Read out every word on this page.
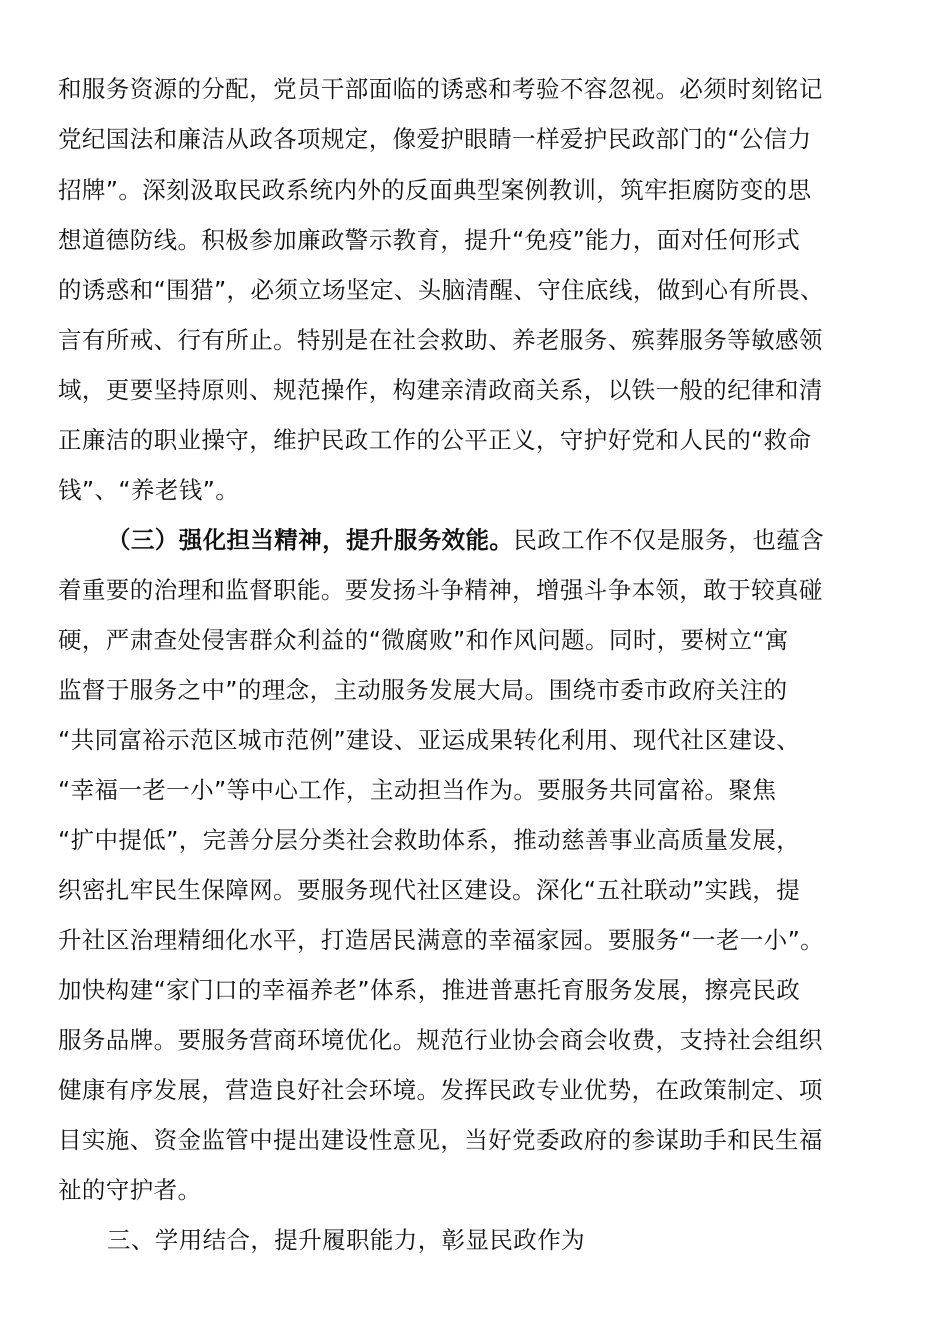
和服务资源的分配，党员干部面临的诱惑和考验不容忽视。必须时刻铭记
党纪国法和廉洁从政各项规定，像爱护眼睛一样爱护民政部门的“公信力
招牌”。深刻汲取民政系统内外的反面典型案例教训，筑牢拒腐防变的思
想道德防线。积极参加廉政警示教育，提升“免疫”能力，面对任何形式
的诱惑和“围猎”，必须立场坚定、头脑清醒、守住底线，做到心有所畏、
言有所戒、行有所止。特别是在社会救助、养老服务、殡葬服务等敏感领
域，更要坚持原则、规范操作，构建亲清政商关系，以铁一般的纪律和清
正廉洁的职业操守，维护民政工作的公平正义，守护好党和人民的“救命
钱”、“养老钱”。
（三）强化担当精神，提升服务效能。民政工作不仅是服务，也蕴含
着重要的治理和监督职能。要发扬斗争精神，增强斗争本领，敢于较真碰
硬，严肃查处侵害群众利益的“微腐败”和作风问题。同时，要树立“寓
监督于服务之中”的理念，主动服务发展大局。围绕市委市政府关注的
“共同富裕示范区城市范例”建设、亚运成果转化利用、现代社区建设、
“幸福一老一小”等中心工作，主动担当作为。要服务共同富裕。聚焦
“扩中提低”，完善分层分类社会救助体系，推动慈善事业高质量发展，
织密扎牢民生保障网。要服务现代社区建设。深化“五社联动”实践，提
升社区治理精细化水平，打造居民满意的幸福家园。要服务“一老一小”。
加快构建“家门口的幸福养老”体系，推进普惠托育服务发展，擦亮民政
服务品牌。要服务营商环境优化。规范行业协会商会收费，支持社会组织
健康有序发展，营造良好社会环境。发挥民政专业优势，在政策制定、项
目实施、资金监管中提出建设性意见，当好党委政府的参谋助手和民生福
祉的守护者。
三、学用结合，提升履职能力，彰显民政作为
